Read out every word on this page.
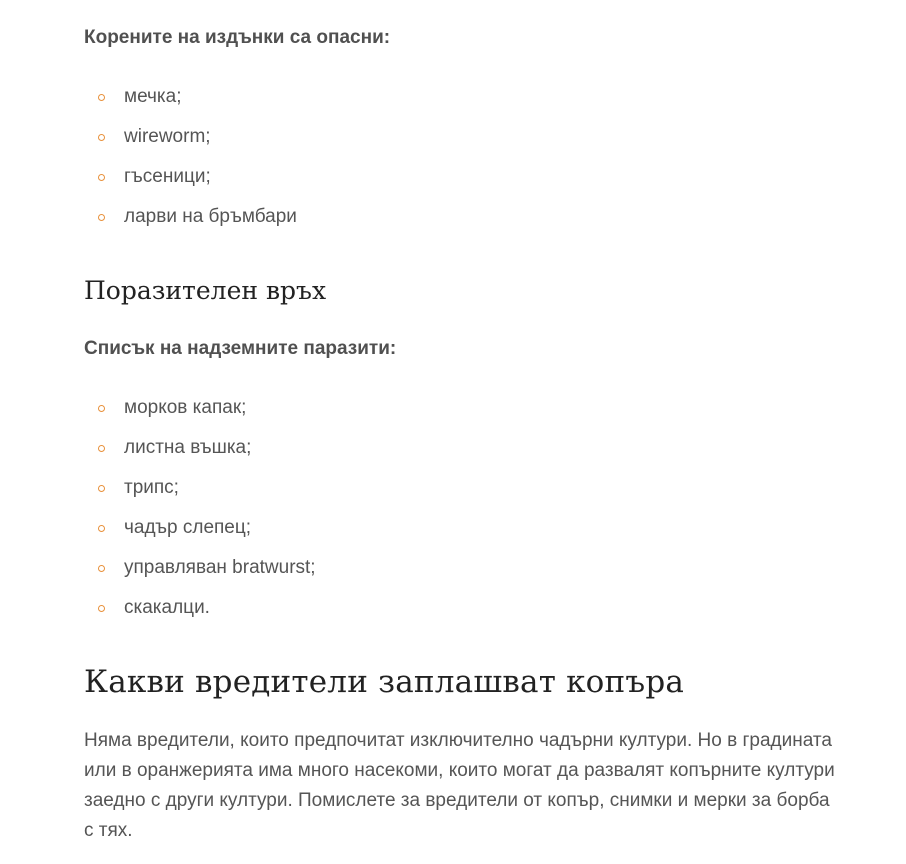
Корените на издънки са опасни:

мечка;
wireworm;
гъсеници;
ларви на бръмбари
Поразителен връх

Списък на надземните паразити:

морков капак;
листна въшка;
трипс;
чадър слепец;
управляван bratwurst;
скакалци.
Какви вредители заплашват копъра

Няма вредители, които предпочитат изключително чадърни култури. Но в градината или в оранжерията има много насекоми, които могат да развалят копърните култури заедно с други култури. Помислете за вредители от копър, снимки и мерки за борба с тях.
